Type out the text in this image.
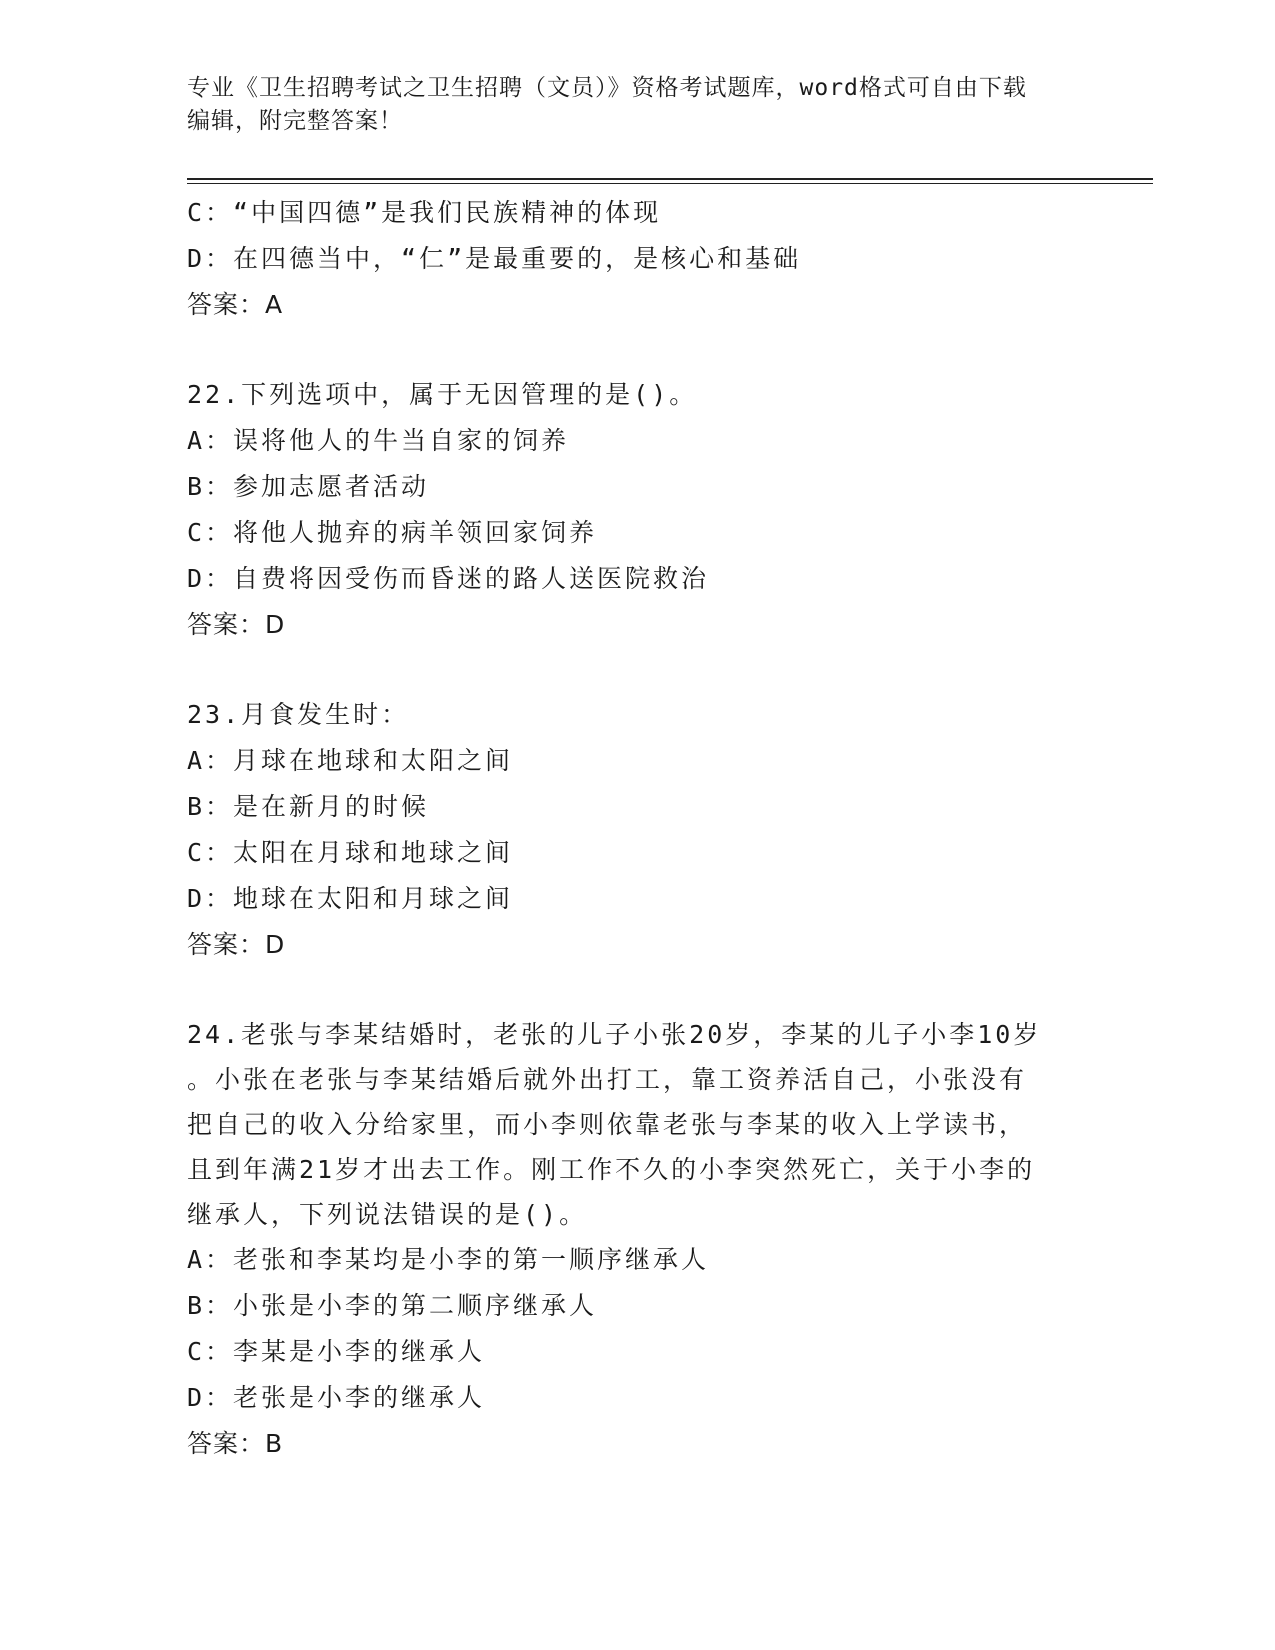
专业《卫生招聘考试之卫生招聘（文员）》资格考试题库，word格式可自由下载
编辑，附完整答案！
C：“中国四德”是我们民族精神的体现
D：在四德当中，“仁”是最重要的，是核心和基础
答案：A
22.下列选项中，属于无因管理的是()。
A：误将他人的牛当自家的饲养
B：参加志愿者活动
C：将他人抛弃的病羊领回家饲养
D：自费将因受伤而昏迷的路人送医院救治
答案：D
23.月食发生时：
A：月球在地球和太阳之间
B：是在新月的时候
C：太阳在月球和地球之间
D：地球在太阳和月球之间
答案：D
24.老张与李某结婚时，老张的儿子小张20岁，李某的儿子小李10岁
。小张在老张与李某结婚后就外出打工，靠工资养活自己，小张没有
把自己的收入分给家里，而小李则依靠老张与李某的收入上学读书，
且到年满21岁才出去工作。刚工作不久的小李突然死亡，关于小李的
继承人，下列说法错误的是()。
A：老张和李某均是小李的第一顺序继承人
B：小张是小李的第二顺序继承人
C：李某是小李的继承人
D：老张是小李的继承人
答案：B
